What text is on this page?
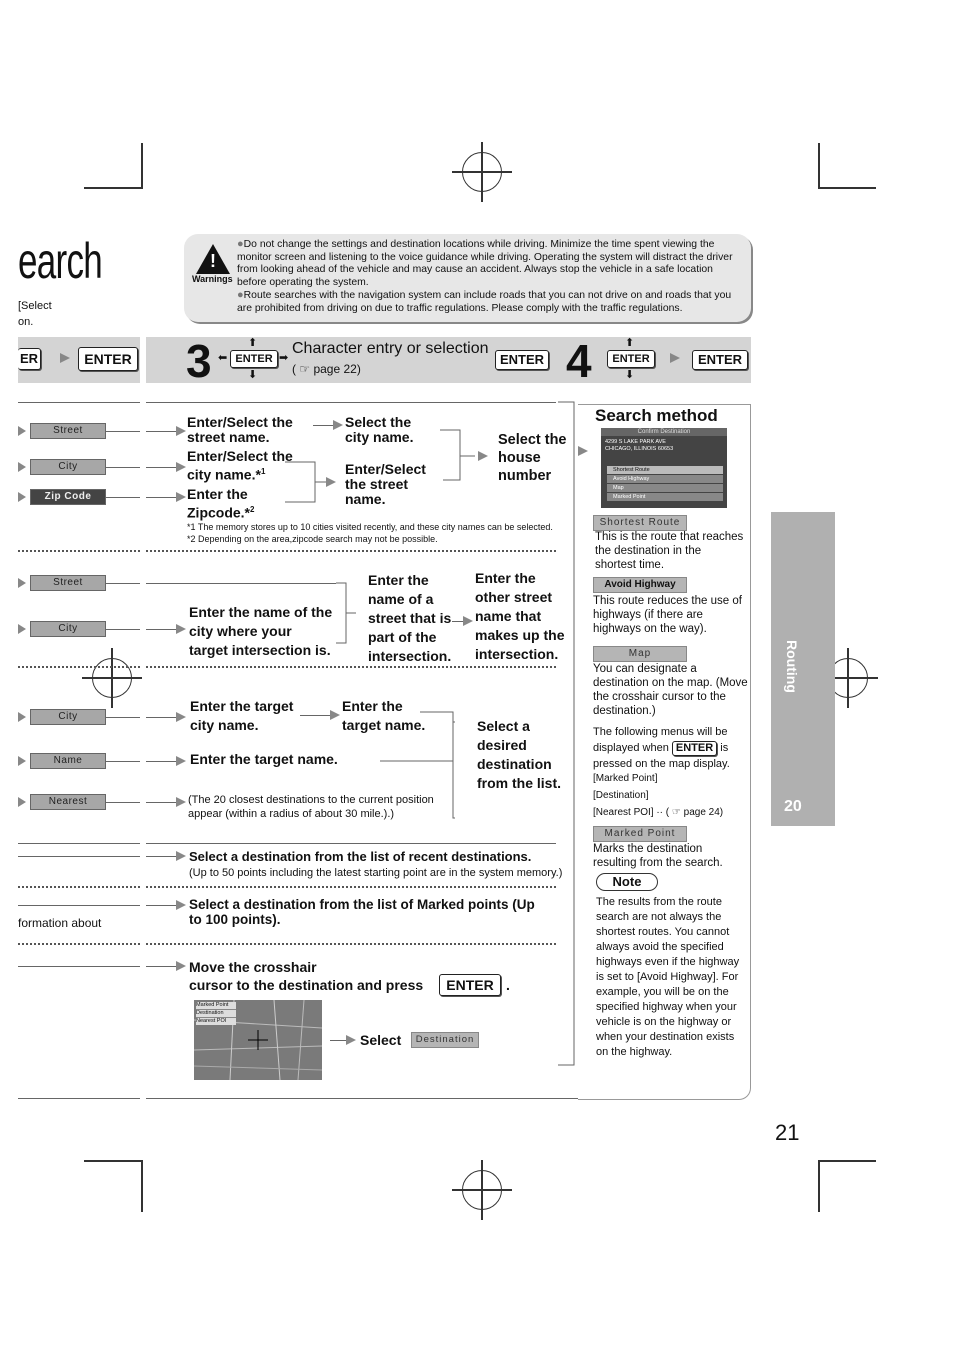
earch
[Select
on.
!
Warnings
●Do not change the settings and destination locations while driving. Minimize the time spent viewing the monitor screen and listening to the voice guidance while driving. Operating the system will distract the driver from looking ahead of the vehicle and may cause an accident. Always stop the vehicle in a safe location before operating the system.
●Route searches with the navigation system can include roads that you can not drive on and roads that you are prohibited from driving on due to traffic regulations. Please comply with the traffic regulations.
ER	ENTER 3	ENTER
⬆
⬇
⬅	➡
Character entry or selection
( ☞ page 22)
ENTER 4	ENTER
⬆
⬇
ENTER
Street
City
Zip Code
Enter/Select the street name.
Select the city name.
Enter/Select the city name.*$^1$
Enter the Zipcode.*$^2$
Enter/Select the street name.
Select the house number
*1 The memory stores up to 10 cities visited recently, and these city names can be selected.
*2 Depending on the area,zipcode search may not be possible.
Street
City
Enter the name of the city where your target intersection is.
Enter the name of a street that is part of the intersection.
Enter the other street name that makes up the intersection.
City
Name
Nearest
Enter the target city name.
Enter the target name.
Enter the target name.
(The 20 closest destinations to the current position appear (within a radius of about 30 mile.).)
Select a desired destination from the list.
Select a destination from the list of recent destinations.
(Up to 50 points including the latest starting point are in the system memory.)
formation about
Select a destination from the list of Marked points (Up to 100 points).
Move the crosshair
cursor to the destination and press	ENTER .
Marked Point
Destination
Nearest POI
Select	Destination
Search method
Confirm Destination
4299 S LAKE PARK AVE
CHICAGO, ILLINOIS 60653
Shortest Route
Avoid Highway
Map
Marked Point
Shortest Route
This is the route that reaches the destination in the shortest time.
Avoid Highway
This route reduces the use of highways (if there are highways on the way).
Map
You can designate a destination on the map. (Move the crosshair cursor to the destination.)
The following menus will be displayed when ENTER is pressed on the map display.
[Marked Point]
[Destination]
[Nearest POI] ·· ( ☞ page 24)
Marked Point
Marks the destination resulting from the search.
Note
The results from the route search are not always the shortest routes. You cannot always avoid the specified highways even if the highway is set to [Avoid Highway]. For example, you will be on the specified highway when your vehicle is on the highway or when your destination exists on the highway.
Routing
20
21
